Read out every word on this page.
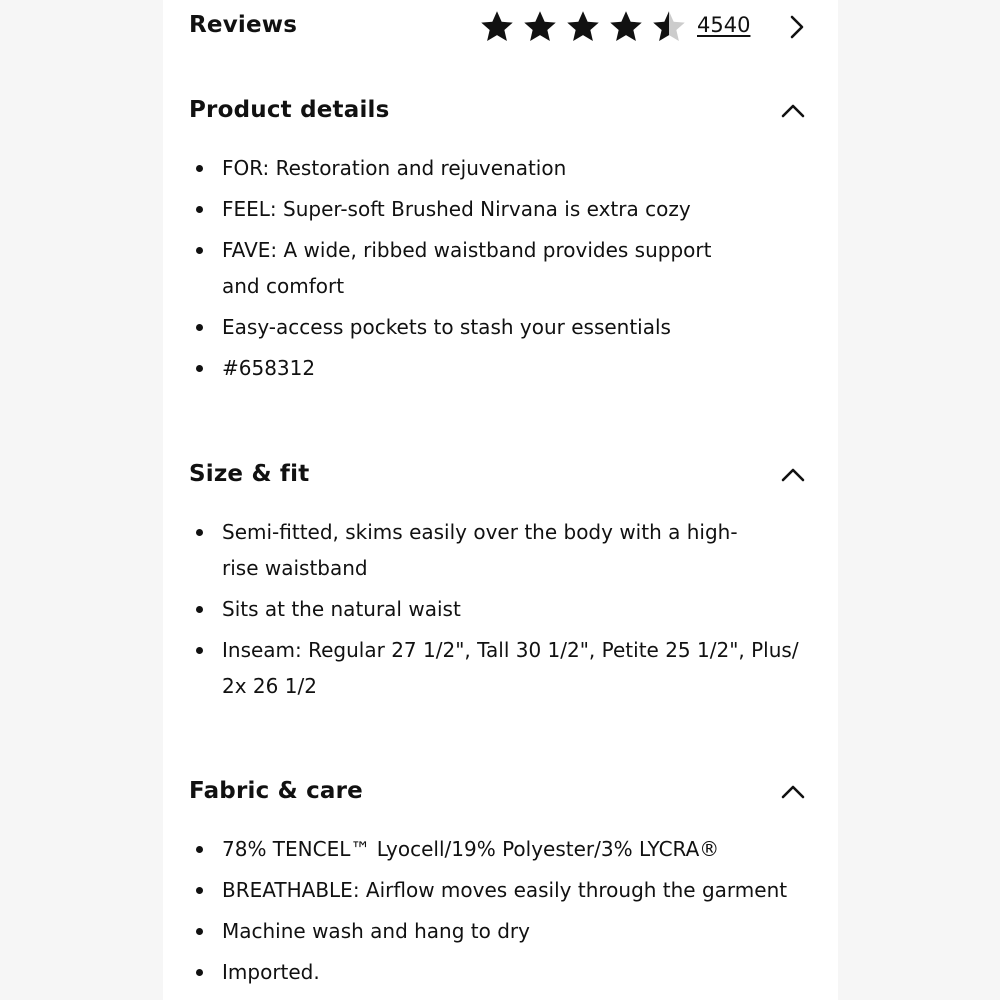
Reviews	4540
Product details
FOR: Restoration and rejuvenation
FEEL: Super-soft Brushed Nirvana is extra cozy
FAVE: A wide, ribbed waistband provides support and comfort
Easy-access pockets to stash your essentials
#658312
Size & fit
Semi-fitted, skims easily over the body with a high-rise waistband
Sits at the natural waist
Inseam: Regular 27 1/2", Tall 30 1/2", Petite 25 1/2", Plus/ 2x 26 1/2
Fabric & care
78% TENCEL™ Lyocell/19% Polyester/3% LYCRA®
BREATHABLE: Airflow moves easily through the garment
Machine wash and hang to dry
Imported.
